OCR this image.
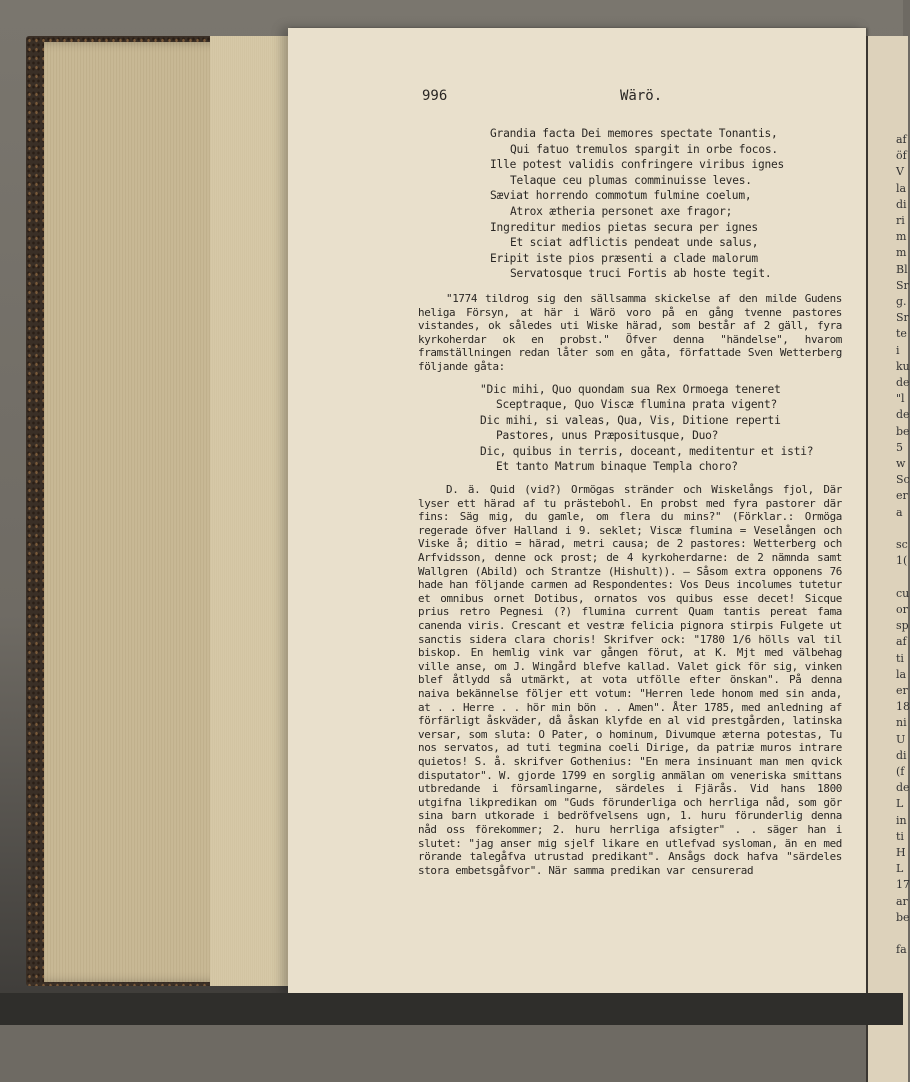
af
öf
V
la
di
ri
m
m
Bl
Sr
g.
Sr
te
i
ku
de
"l
de
be
5
w
Sc
er
a

sc
1(

cu
or
sp
af
ti
la
er
18
ni
U
di
(f
de
L
in
ti
H
L
17
ar
be

fa
996	Wärö.
Grandia facta Dei memores spectate Tonantis,
Qui fatuo tremulos spargit in orbe focos.
Ille potest validis confringere viribus ignes
Telaque ceu plumas comminuisse leves.
Sæviat horrendo commotum fulmine coelum,
Atrox ætheria personet axe fragor;
Ingreditur medios pietas secura per ignes
Et sciat adflictis pendeat unde salus,
Eripit iste pios præsenti a clade malorum
Servatosque truci Fortis ab hoste tegit.

"1774 tildrog sig den sällsamma skickelse af den milde Gudens heliga Försyn, at här i Wärö voro på en gång tvenne pastores vistandes, ok således uti Wiske härad, som består af 2 gäll, fyra kyrkoherdar ok en probst." Öfver denna "händelse", hvarom framställningen redan låter som en gåta, författade Sven Wetterberg följande gåta:

"Dic mihi, Quo quondam sua Rex Ormoega teneret
Sceptraque, Quo Viscæ flumina prata vigent?
Dic mihi, si valeas, Qua, Vis, Ditione reperti
Pastores, unus Præpositusque, Duo?
Dic, quibus in terris, doceant, meditentur et isti?
Et tanto Matrum binaque Templa choro?

D. ä. Quid (vid?) Ormögas stränder och Wiskelångs fjol, Där lyser ett härad af tu prästebohl. En probst med fyra pastorer där fins: Säg mig, du gamle, om flera du mins?" (Förklar.: Ormöga regerade öfver Halland i 9. seklet; Viscæ flumina = Veselången och Viske å; ditio = härad, metri causa; de 2 pastores: Wetterberg och Arfvidsson, denne ock prost; de 4 kyrkoherdarne: de 2 nämnda samt Wallgren (Abild) och Strantze (Hishult)). — Såsom extra opponens 76 hade han följande carmen ad Respondentes: Vos Deus incolumes tutetur et omnibus ornet Dotibus, ornatos vos quibus esse decet! Sicque prius retro Pegnesi (?) flumina current Quam tantis pereat fama canenda viris. Crescant et vestræ felicia pignora stirpis Fulgete ut sanctis sidera clara choris! Skrifver ock: "1780 1/6 hölls val til biskop. En hemlig vink var gången förut, at K. Mjt med välbehag ville anse, om J. Wingård blefve kallad. Valet gick för sig, vinken blef åtlydd så utmärkt, at vota utfölle efter önskan". På denna naiva bekännelse följer ett votum: "Herren lede honom med sin anda, at . . Herre . . hör min bön . . Amen". Åter 1785, med anledning af förfärligt åskväder, då åskan klyfde en al vid prestgården, latinska versar, som sluta: O Pater, o hominum, Divumque æterna potestas, Tu nos servatos, ad tuti tegmina coeli Dirige, da patriæ muros intrare quietos! S. å. skrifver Gothenius: "En mera insinuant man men qvick disputator". W. gjorde 1799 en sorglig anmälan om veneriska smittans utbredande i församlingarne, särdeles i Fjärås. Vid hans 1800 utgifna likpredikan om "Guds förunderliga och herrliga nåd, som gör sina barn utkorade i bedröfvelsens ugn, 1. huru förunderlig denna nåd oss förekommer; 2. huru herrliga afsigter" . . säger han i slutet: "jag anser mig sjelf likare en utlefvad sysloman, än en med rörande talegåfva utrustad predikant". Ansågs dock hafva "särdeles stora embetsgåfvor". När samma predikan var censurerad
